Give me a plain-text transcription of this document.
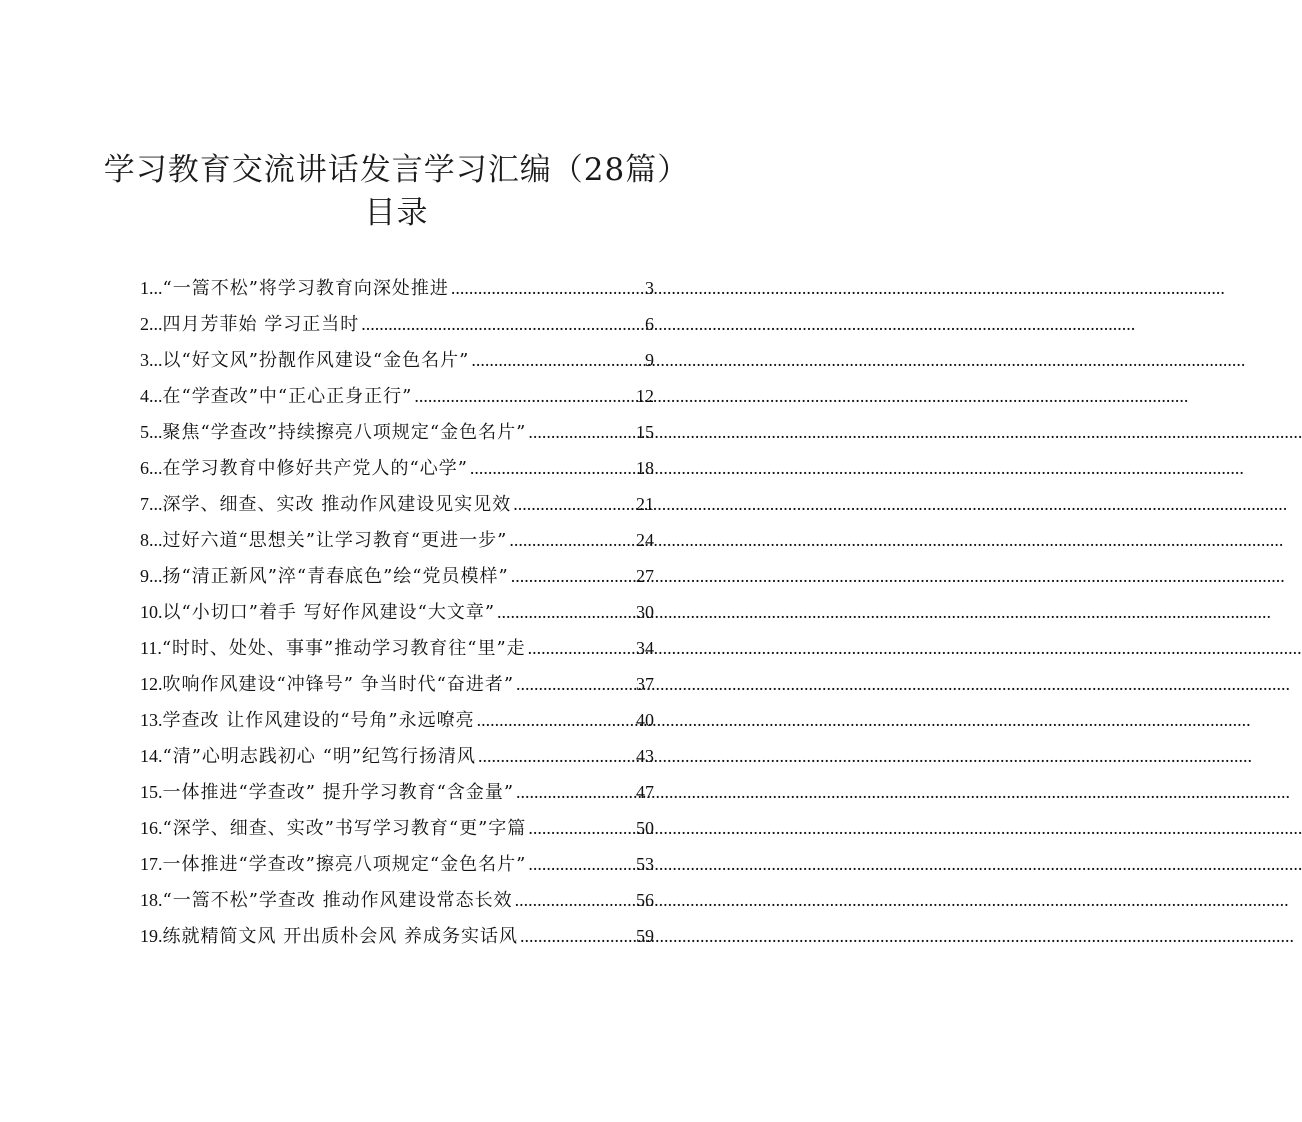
学习教育交流讲话发言学习汇编（28篇）
目录
1... “一篙不松”将学习教育向深处推进 .....	3
2... 四月芳菲始 学习正当时 .....	6
3... 以“好文风”扮靓作风建设“金色名片” .....	9
4... 在“学查改”中“正心正身正行” .....	12
5... 聚焦“学查改”持续擦亮八项规定“金色名片” .....	15
6... 在学习教育中修好共产党人的“心学” .....	18
7... 深学、细查、实改 推动作风建设见实见效 .....	21
8... 过好六道“思想关”让学习教育“更进一步” .....	24
9... 扬“清正新风”淬“青春底色”绘“党员模样” .....	27
10. 以“小切口”着手 写好作风建设“大文章” .....	30
11. “时时、处处、事事”推动学习教育往“里”走 .....	34
12. 吹响作风建设“冲锋号” 争当时代“奋进者” .....	37
13. 学查改 让作风建设的“号角”永远嘹亮 .....	40
14. “清”心明志践初心 “明”纪笃行扬清风 .....	43
15. 一体推进“学查改” 提升学习教育“含金量” .....	47
16. “深学、细查、实改”书写学习教育“更”字篇 .....	50
17. 一体推进“学查改”擦亮八项规定“金色名片” .....	53
18. “一篙不松”学查改 推动作风建设常态长效 .....	56
19. 练就精简文风 开出质朴会风 养成务实话风 .....	59
